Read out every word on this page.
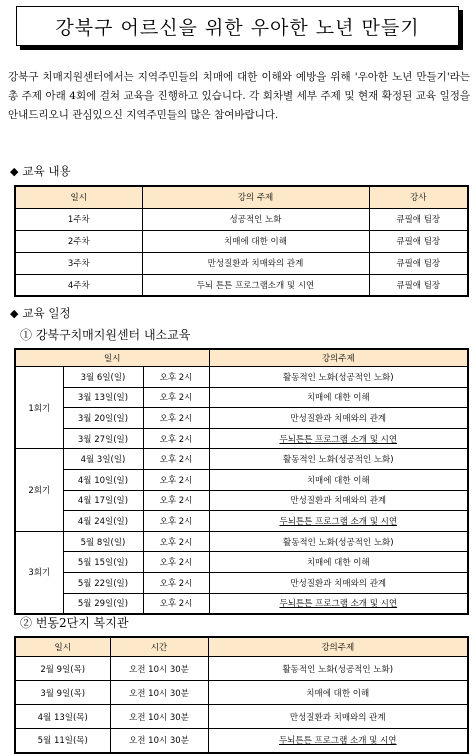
강북구 어르신을 위한 우아한 노년 만들기
강북구 치매지원센터에서는 지역주민들의 치매에 대한 이해와 예방을 위해 '우아한 노년 만들기'라는 총 주제 아래 4회에 걸쳐 교육을 진행하고 있습니다. 각 회차별 세부 주제 및 현재 확정된 교육 일정을 안내드리오니 관심있으신 지역주민들의 많은 참여바랍니다.
◆ 교육 내용
일시	강의 주제	강사
1주차	성공적인 노화	큐필애 팀장
2주차	치매에 대한 이해	큐필애 팀장
3주차	만성질환과 치매와의 관계	큐필애 팀장
4주차	두뇌 튼튼 프로그램소개 및 시연	큐필애 팀장
◆ 교육 일정
① 강북구치매지원센터 내소교육
일시			강의주제
1회기	3월 6일(일)	오후 2시	활동적인 노화(성공적인 노화)
	3월 13일(일)	오후 2시	치매에 대한 이해
	3월 20일(일)	오후 2시	만성질환과 치매와의 관계
	3월 27일(일)	오후 2시	두뇌튼튼 프로그램 소개 및 시연
2회기	4월 3일(일)	오후 2시	활동적인 노화(성공적인 노화)
	4월 10일(일)	오후 2시	치매에 대한 이해
	4월 17일(일)	오후 2시	만성질환과 치매와의 관계
	4월 24일(일)	오후 2시	두뇌튼튼 프로그램 소개 및 시연
3회기	5월 8일(일)	오후 2시	활동적인 노화(성공적인 노화)
	5월 15일(일)	오후 2시	치매에 대한 이해
	5월 22일(일)	오후 2시	만성질환과 치매와의 관계
	5월 29일(일)	오후 2시	두뇌튼튼 프로그램 소개 및 시연
② 번동2단지 복지관
일시	시간	강의주제
2월 9일(목)	오전 10시 30분	활동적인 노화(성공적인 노화)
3월 9일(목)	오전 10시 30분	치매에 대한 이해
4월 13일(목)	오전 10시 30분	만성질환과 치매와의 관계
5월 11일(목)	오전 10시 30분	두뇌튼튼 프로그램 소개 및 시연
